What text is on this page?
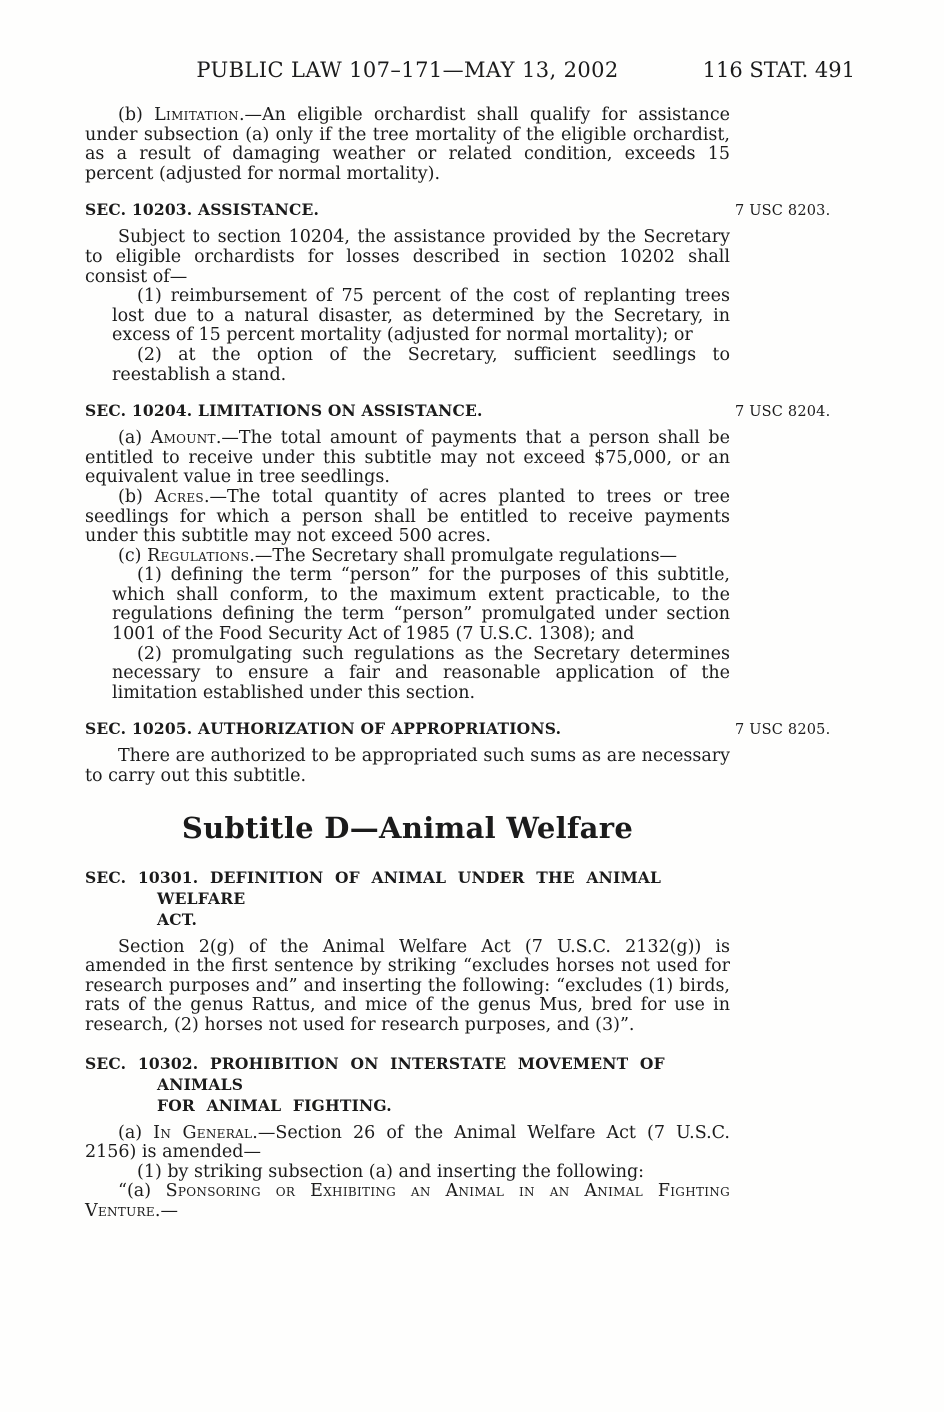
PUBLIC LAW 107–171—MAY 13, 2002	116 STAT. 491

(b) Limitation.—An eligible orchardist shall qualify for assistance under subsection (a) only if the tree mortality of the eligible orchardist, as a result of damaging weather or related condition, exceeds 15 percent (adjusted for normal mortality).

SEC. 10203. ASSISTANCE.	7 USC 8203.

Subject to section 10204, the assistance provided by the Secretary to eligible orchardists for losses described in section 10202 shall consist of—

(1) reimbursement of 75 percent of the cost of replanting trees lost due to a natural disaster, as determined by the Secretary, in excess of 15 percent mortality (adjusted for normal mortality); or

(2) at the option of the Secretary, sufficient seedlings to reestablish a stand.

SEC. 10204. LIMITATIONS ON ASSISTANCE.	7 USC 8204.

(a) Amount.—The total amount of payments that a person shall be entitled to receive under this subtitle may not exceed $75,000, or an equivalent value in tree seedlings.

(b) Acres.—The total quantity of acres planted to trees or tree seedlings for which a person shall be entitled to receive payments under this subtitle may not exceed 500 acres.

(c) Regulations.—The Secretary shall promulgate regulations—

(1) defining the term “person” for the purposes of this subtitle, which shall conform, to the maximum extent practicable, to the regulations defining the term “person” promulgated under section 1001 of the Food Security Act of 1985 (7 U.S.C. 1308); and

(2) promulgating such regulations as the Secretary determines necessary to ensure a fair and reasonable application of the limitation established under this section.

SEC. 10205. AUTHORIZATION OF APPROPRIATIONS.	7 USC 8205.

There are authorized to be appropriated such sums as are necessary to carry out this subtitle.

Subtitle D—Animal Welfare
SEC. 10301. DEFINITION OF ANIMAL UNDER THE ANIMAL WELFARE
ACT.

Section 2(g) of the Animal Welfare Act (7 U.S.C. 2132(g)) is amended in the first sentence by striking “excludes horses not used for research purposes and” and inserting the following: “excludes (1) birds, rats of the genus Rattus, and mice of the genus Mus, bred for use in research, (2) horses not used for research purposes, and (3)”.

SEC. 10302. PROHIBITION ON INTERSTATE MOVEMENT OF ANIMALS
FOR ANIMAL FIGHTING.

(a) In General.—Section 26 of the Animal Welfare Act (7 U.S.C. 2156) is amended—

(1) by striking subsection (a) and inserting the following:

“(a) Sponsoring or Exhibiting an Animal in an Animal Fighting Venture.—
